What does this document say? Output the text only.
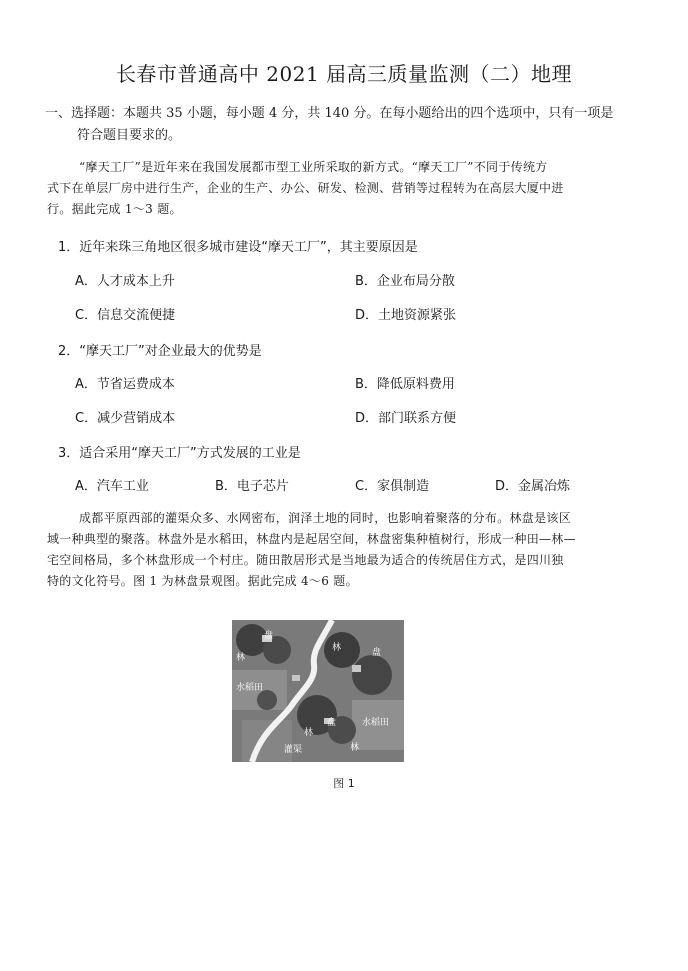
长春市普通高中 2021 届高三质量监测（二）地理
一、选择题：本题共 35 小题，每小题 4 分，共 140 分。在每小题给出的四个选项中，只有一项是
符合题目要求的。
“摩天工厂”是近年来在我国发展都市型工业所采取的新方式。“摩天工厂”不同于传统方
式下在单层厂房中进行生产，企业的生产、办公、研发、检测、营销等过程转为在高层大厦中进
行。据此完成 1～3 题。
1．近年来珠三角地区很多城市建设“摩天工厂”，其主要原因是
A．人才成本上升	B．企业布局分散
C．信息交流便捷	D．土地资源紧张
2．“摩天工厂”对企业最大的优势是
A．节省运费成本	B．降低原料费用
C．减少营销成本	D．部门联系方便
3．适合采用“摩天工厂”方式发展的工业是
A．汽车工业	B．电子芯片	C．家俱制造	D．金属冶炼
成都平原西部的灌渠众多、水网密布，润泽土地的同时，也影响着聚落的分布。林盘是该区
域一种典型的聚落。林盘外是水稻田，林盘内是起居空间，林盘密集种植树行，形成一种田—林—
宅空间格局，多个林盘形成一个村庄。随田散居形式是当地最为适合的传统居住方式，是四川独
特的文化符号。图 1 为林盘景观图。据此完成 4～6 题。
林
盘
林	盘
水稻田
林
盘	水稻田
灌渠	林
图 1
